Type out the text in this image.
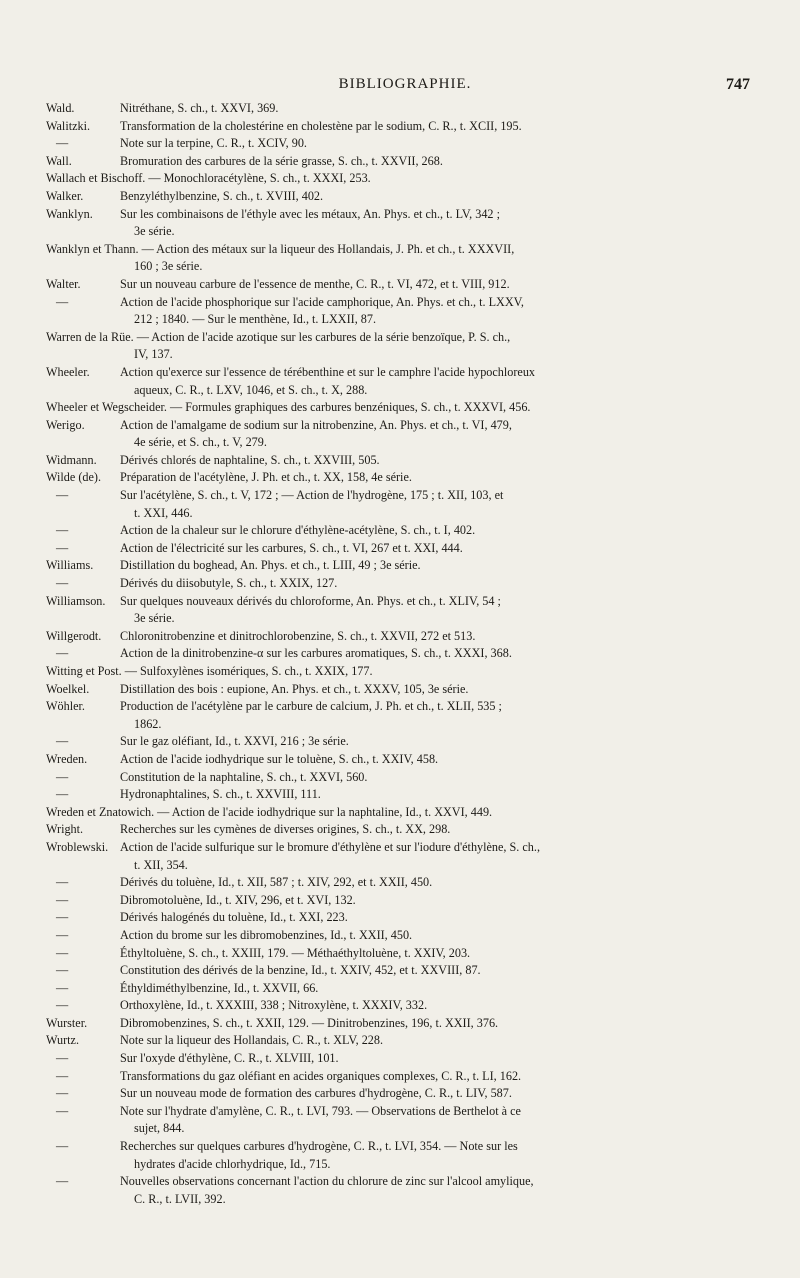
BIBLIOGRAPHIE.	747
Wald.	Nitréthane, S. ch., t. XXVI, 369.
Walitzki.	Transformation de la cholestérine en cholestène par le sodium, C. R., t. XCII, 195.
—	Note sur la terpine, C. R., t. XCIV, 90.
Wall.	Bromuration des carbures de la série grasse, S. ch., t. XXVII, 268.
Wallach et Bischoff. — Monochloracétylène, S. ch., t. XXXI, 253.
Walker.	Benzyléthylbenzine, S. ch., t. XVIII, 402.
Wanklyn.	Sur les combinaisons de l'éthyle avec les métaux, An. Phys. et ch., t. LV, 342 ;
3e série.
Wanklyn et Thann. — Action des métaux sur la liqueur des Hollandais, J. Ph. et ch., t. XXXVII,
160 ; 3e série.
Walter.	Sur un nouveau carbure de l'essence de menthe, C. R., t. VI, 472, et t. VIII, 912.
—	Action de l'acide phosphorique sur l'acide camphorique, An. Phys. et ch., t. LXXV,
212 ; 1840. — Sur le menthène, Id., t. LXXII, 87.
Warren de la Rüe. — Action de l'acide azotique sur les carbures de la série benzoïque, P. S. ch.,
IV, 137.
Wheeler.	Action qu'exerce sur l'essence de térébenthine et sur le camphre l'acide hypochloreux
aqueux, C. R., t. LXV, 1046, et S. ch., t. X, 288.
Wheeler et Wegscheider. — Formules graphiques des carbures benzéniques, S. ch., t. XXXVI, 456.
Werigo.	Action de l'amalgame de sodium sur la nitrobenzine, An. Phys. et ch., t. VI, 479,
4e série, et S. ch., t. V, 279.
Widmann.	Dérivés chlorés de naphtaline, S. ch., t. XXVIII, 505.
Wilde (de).	Préparation de l'acétylène, J. Ph. et ch., t. XX, 158, 4e série.
—	Sur l'acétylène, S. ch., t. V, 172 ; — Action de l'hydrogène, 175 ; t. XII, 103, et
t. XXI, 446.
—	Action de la chaleur sur le chlorure d'éthylène-acétylène, S. ch., t. I, 402.
—	Action de l'électricité sur les carbures, S. ch., t. VI, 267 et t. XXI, 444.
Williams.	Distillation du boghead, An. Phys. et ch., t. LIII, 49 ; 3e série.
—	Dérivés du diisobutyle, S. ch., t. XXIX, 127.
Williamson.	Sur quelques nouveaux dérivés du chloroforme, An. Phys. et ch., t. XLIV, 54 ;
3e série.
Willgerodt.	Chloronitrobenzine et dinitrochlorobenzine, S. ch., t. XXVII, 272 et 513.
—	Action de la dinitrobenzine-α sur les carbures aromatiques, S. ch., t. XXXI, 368.
Witting et Post. — Sulfoxylènes isomériques, S. ch., t. XXIX, 177.
Woelkel.	Distillation des bois : eupione, An. Phys. et ch., t. XXXV, 105, 3e série.
Wöhler.	Production de l'acétylène par le carbure de calcium, J. Ph. et ch., t. XLII, 535 ;
1862.
—	Sur le gaz oléfiant, Id., t. XXVI, 216 ; 3e série.
Wreden.	Action de l'acide iodhydrique sur le toluène, S. ch., t. XXIV, 458.
—	Constitution de la naphtaline, S. ch., t. XXVI, 560.
—	Hydronaphtalines, S. ch., t. XXVIII, 111.
Wreden et Znatowich. — Action de l'acide iodhydrique sur la naphtaline, Id., t. XXVI, 449.
Wright.	Recherches sur les cymènes de diverses origines, S. ch., t. XX, 298.
Wroblewski. Action de l'acide sulfurique sur le bromure d'éthylène et sur l'iodure d'éthylène, S. ch.,
t. XII, 354.
—	Dérivés du toluène, Id., t. XII, 587 ; t. XIV, 292, et t. XXII, 450.
—	Dibromotoluène, Id., t. XIV, 296, et t. XVI, 132.
—	Dérivés halogénés du toluène, Id., t. XXI, 223.
—	Action du brome sur les dibromobenzines, Id., t. XXII, 450.
—	Éthyltoluène, S. ch., t. XXIII, 179. — Méthaéthyltoluène, t. XXIV, 203.
—	Constitution des dérivés de la benzine, Id., t. XXIV, 452, et t. XXVIII, 87.
—	Éthyldiméthylbenzine, Id., t. XXVII, 66.
—	Orthoxylène, Id., t. XXXIII, 338 ; Nitroxylène, t. XXXIV, 332.
Wurster.	Dibromobenzines, S. ch., t. XXII, 129. — Dinitrobenzines, 196, t. XXII, 376.
Wurtz.	Note sur la liqueur des Hollandais, C. R., t. XLV, 228.
—	Sur l'oxyde d'éthylène, C. R., t. XLVIII, 101.
—	Transformations du gaz oléfiant en acides organiques complexes, C. R., t. LI, 162.
—	Sur un nouveau mode de formation des carbures d'hydrogène, C. R., t. LIV, 587.
—	Note sur l'hydrate d'amylène, C. R., t. LVI, 793. — Observations de Berthelot à ce
sujet, 844.
—	Recherches sur quelques carbures d'hydrogène, C. R., t. LVI, 354. — Note sur les
hydrates d'acide chlorhydrique, Id., 715.
—	Nouvelles observations concernant l'action du chlorure de zinc sur l'alcool amylique,
C. R., t. LVII, 392.
